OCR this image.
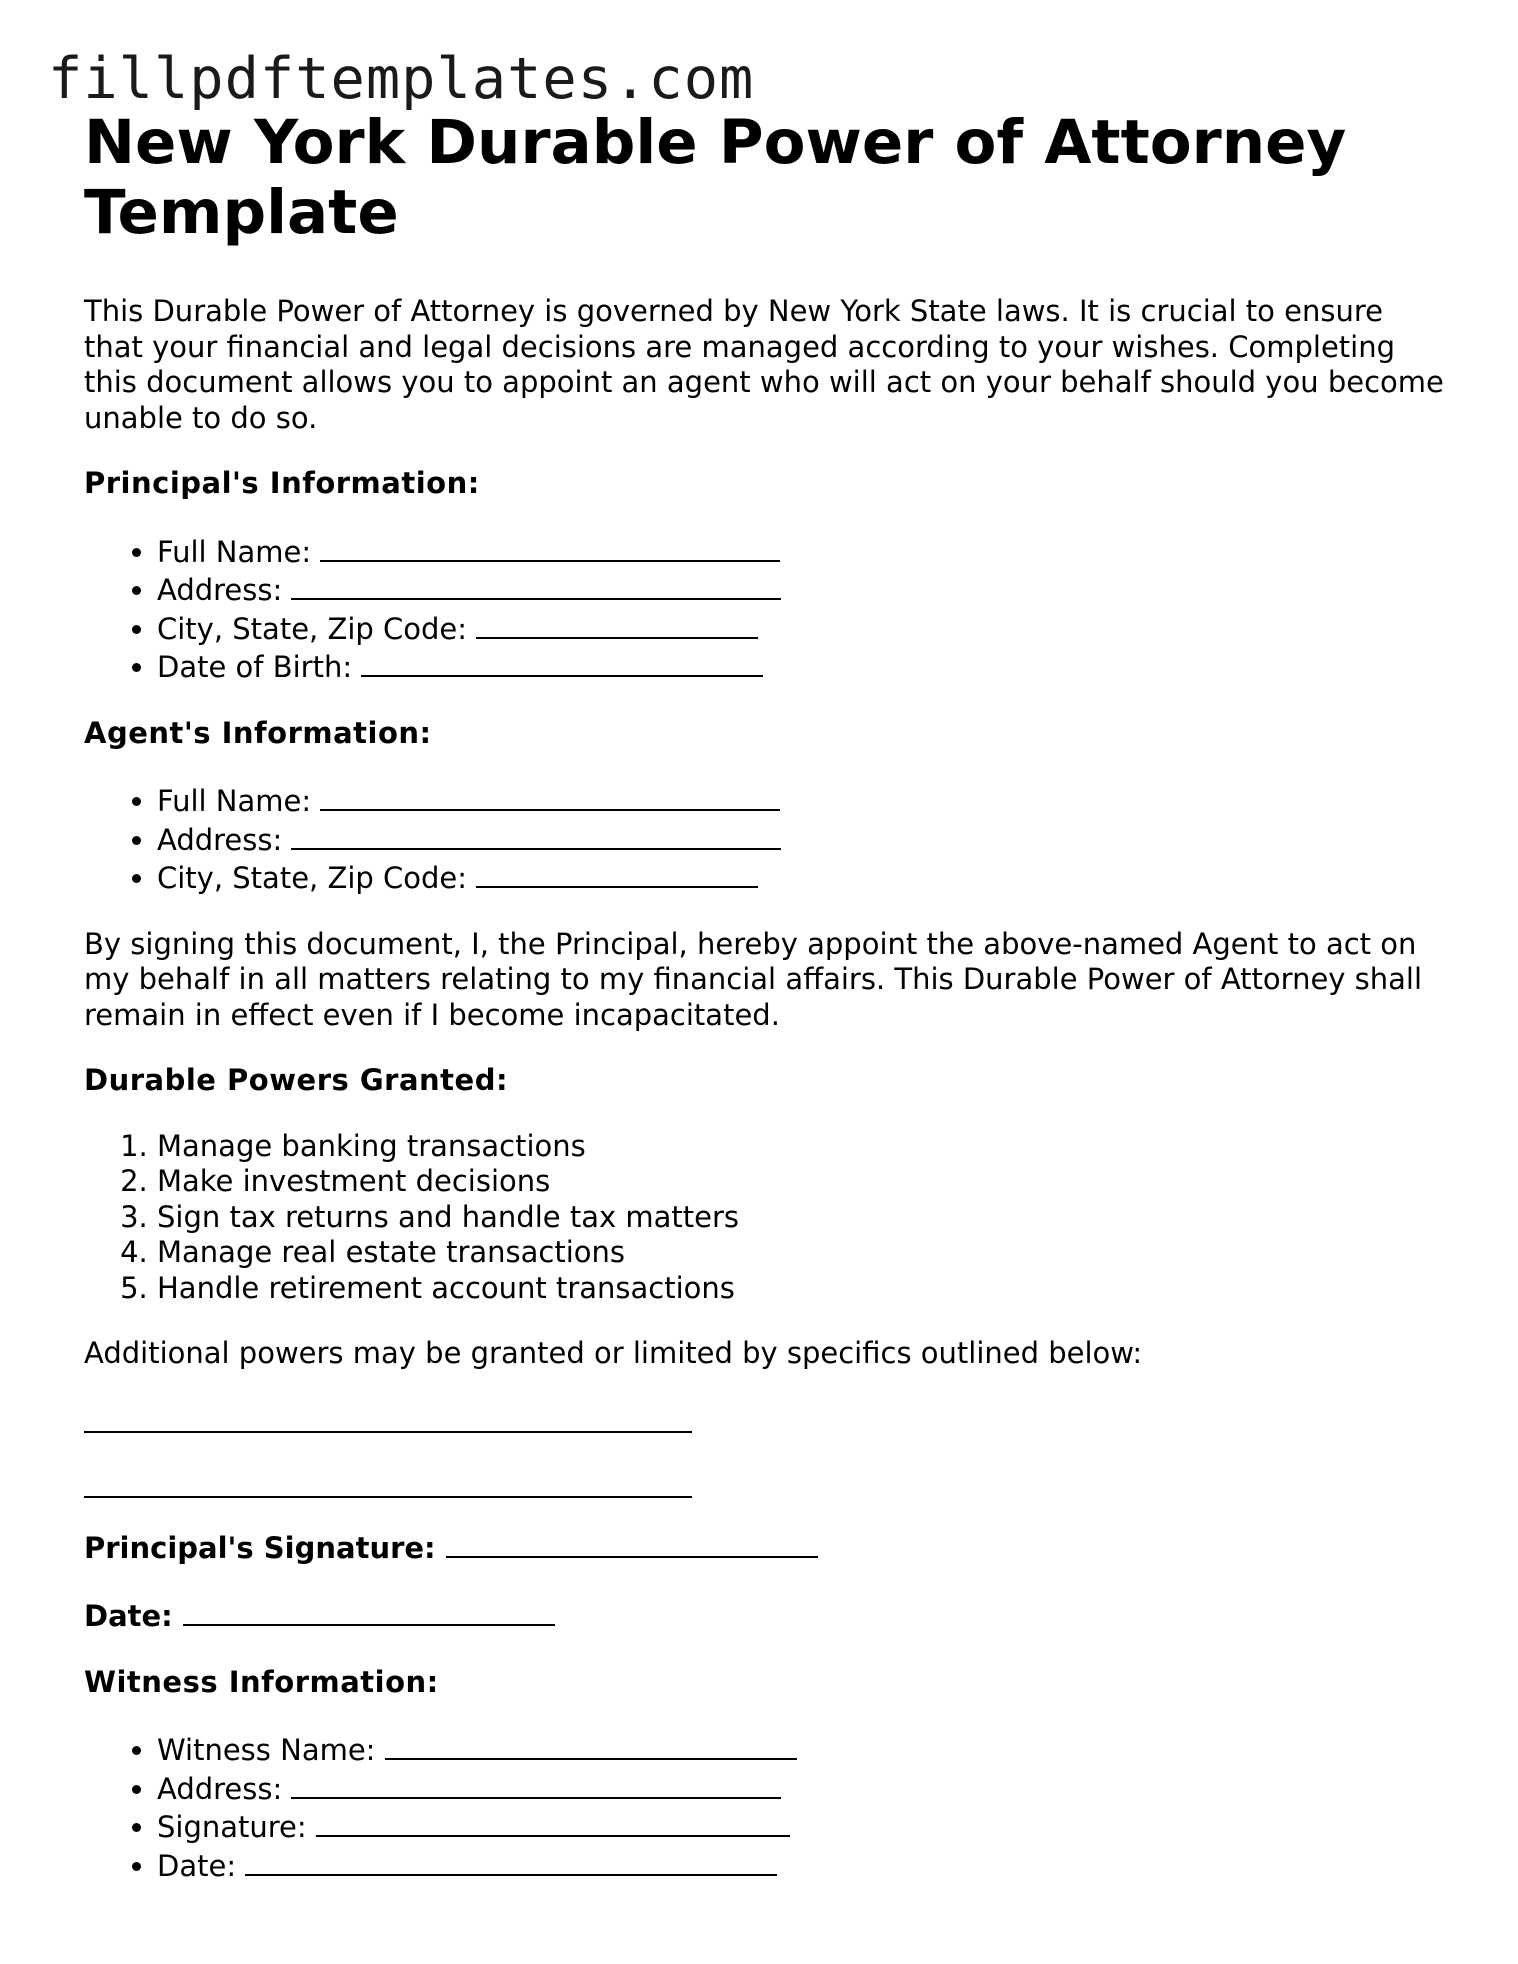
fillpdftemplates.com
New York Durable Power of Attorney Template

This Durable Power of Attorney is governed by New York State laws. It is crucial to ensure that your financial and legal decisions are managed according to your wishes. Completing this document allows you to appoint an agent who will act on your behalf should you become unable to do so.

Principal's Information:

• Full Name:
• Address:
• City, State, Zip Code:
• Date of Birth:

Agent's Information:

• Full Name:
• Address:
• City, State, Zip Code:

By signing this document, I, the Principal, hereby appoint the above-named Agent to act on my behalf in all matters relating to my financial affairs. This Durable Power of Attorney shall remain in effect even if I become incapacitated.

Durable Powers Granted:

1. Manage banking transactions
2. Make investment decisions
3. Sign tax returns and handle tax matters
4. Manage real estate transactions
5. Handle retirement account transactions

Additional powers may be granted or limited by specifics outlined below:

Principal's Signature:

Date:

Witness Information:

• Witness Name:
• Address:
• Signature:
• Date:
